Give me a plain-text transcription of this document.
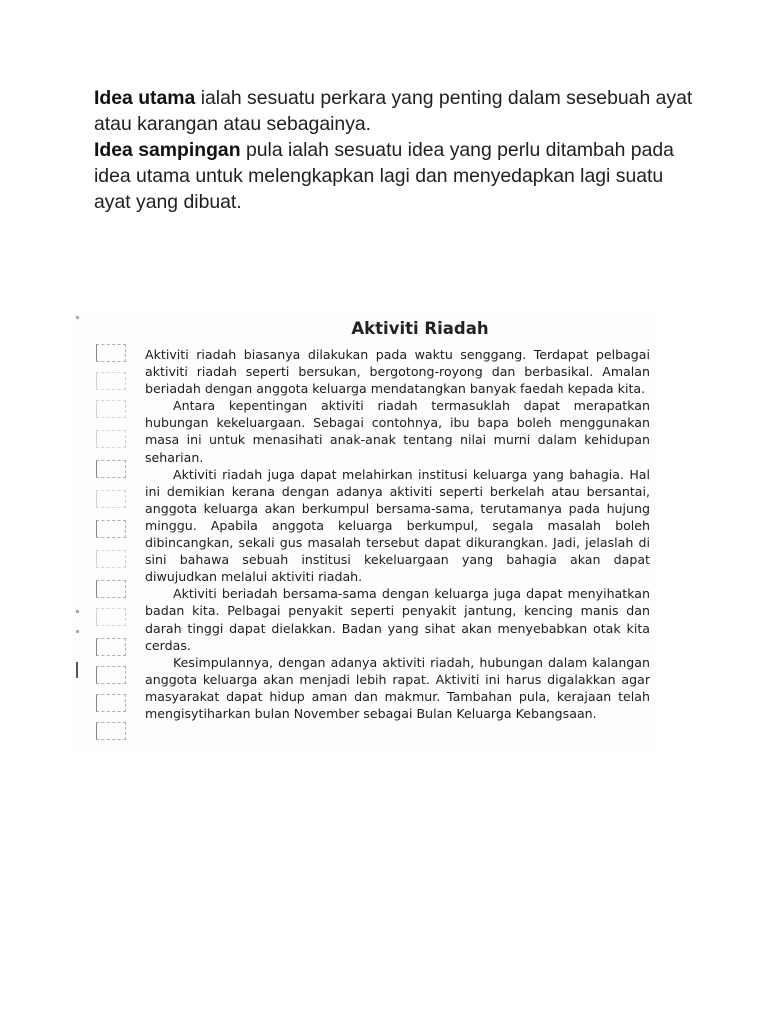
Idea utama ialah sesuatu perkara yang penting dalam sesebuah ayat atau karangan atau sebagainya.

Idea sampingan pula ialah sesuatu idea yang perlu ditambah pada idea utama untuk melengkapkan lagi dan menyedapkan lagi suatu ayat yang dibuat.

Aktiviti Riadah

Aktiviti riadah biasanya dilakukan pada waktu senggang. Terdapat pelbagai aktiviti riadah seperti bersukan, bergotong-royong dan berbasikal. Amalan beriadah dengan anggota keluarga mendatangkan banyak faedah kepada kita.

Antara kepentingan aktiviti riadah termasuklah dapat merapatkan hubungan kekeluargaan. Sebagai contohnya, ibu bapa boleh menggunakan masa ini untuk menasihati anak-anak tentang nilai murni dalam kehidupan seharian.

Aktiviti riadah juga dapat melahirkan institusi keluarga yang bahagia. Hal ini demikian kerana dengan adanya aktiviti seperti berkelah atau bersantai, anggota keluarga akan berkumpul bersama-sama, terutamanya pada hujung minggu. Apabila anggota keluarga berkumpul, segala masalah boleh dibincangkan, sekali gus masalah tersebut dapat dikurangkan. Jadi, jelaslah di sini bahawa sebuah institusi kekeluargaan yang bahagia akan dapat diwujudkan melalui aktiviti riadah.

Aktiviti beriadah bersama-sama dengan keluarga juga dapat menyihatkan badan kita. Pelbagai penyakit seperti penyakit jantung, kencing manis dan darah tinggi dapat dielakkan. Badan yang sihat akan menyebabkan otak kita cerdas.

Kesimpulannya, dengan adanya aktiviti riadah, hubungan dalam kalangan anggota keluarga akan menjadi lebih rapat. Aktiviti ini harus digalakkan agar masyarakat dapat hidup aman dan makmur. Tambahan pula, kerajaan telah mengisytiharkan bulan November sebagai Bulan Keluarga Kebangsaan.
